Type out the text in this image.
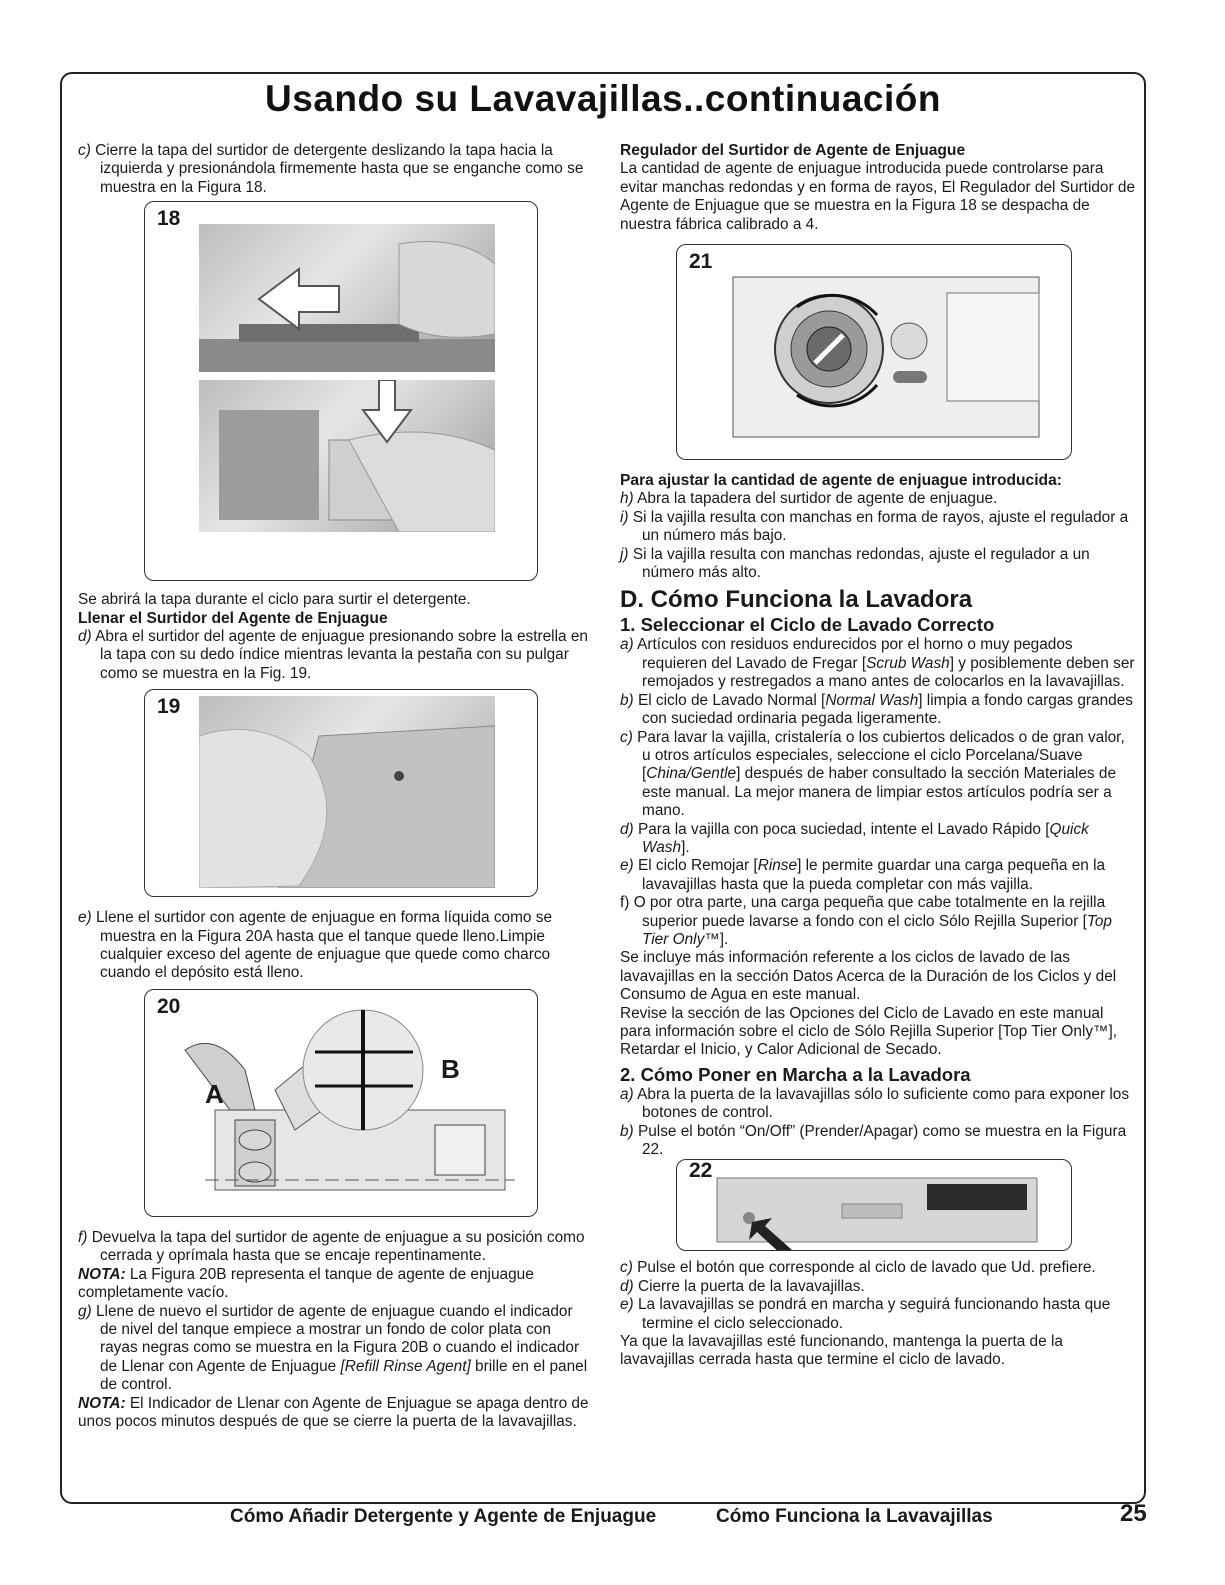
Usando su Lavavajillas..continuación

c) Cierre la tapa del surtidor de detergente deslizando la tapa hacia la izquierda y presionándola firmemente hasta que se enganche como se muestra en la Figura 18.

18

Se abrirá la tapa durante el ciclo para surtir el detergente.

Llenar el Surtidor del Agente de Enjuague

d) Abra el surtidor del agente de enjuague presionando sobre la estrella en la tapa con su dedo índice mientras levanta la pestaña con su pulgar como se muestra en la Fig. 19.

19

e) Llene el surtidor con agente de enjuague en forma líquida como se muestra en la Figura 20A hasta que el tanque quede lleno.Limpie cualquier exceso del agente de enjuague que quede como charco cuando el depósito está lleno.

20
A
B

f) Devuelva la tapa del surtidor de agente de enjuague a su posición como cerrada y oprímala hasta que se encaje repentinamente.

NOTA: La Figura 20B representa el tanque de agente de enjuague completamente vacío.

g) Llene de nuevo el surtidor de agente de enjuague cuando el indicador de nivel del tanque empiece a mostrar un fondo de color plata con rayas negras como se muestra en la Figura 20B o cuando el indicador de Llenar con Agente de Enjuague [Refill Rinse Agent] brille en el panel de control.

NOTA: El Indicador de Llenar con Agente de Enjuague se apaga dentro de unos pocos minutos después de que se cierre la puerta de la lavavajillas.

Regulador del Surtidor de Agente de Enjuague

La cantidad de agente de enjuague introducida puede controlarse para evitar manchas redondas y en forma de rayos, El Regulador del Surtidor de Agente de Enjuague que se muestra en la Figura 18 se despacha de nuestra fábrica calibrado a 4.

21

Para ajustar la cantidad de agente de enjuague introducida:

h) Abra la tapadera del surtidor de agente de enjuague.

i) Si la vajilla resulta con manchas en forma de rayos, ajuste el regulador a un número más bajo.

j) Si la vajilla resulta con manchas redondas, ajuste el regulador a un número más alto.

D. Cómo Funciona la Lavadora

1. Seleccionar el Ciclo de Lavado Correcto

a) Artículos con residuos endurecidos por el horno o muy pegados requieren del Lavado de Fregar [Scrub Wash] y posiblemente deben ser remojados y restregados a mano antes de colocarlos en la lavavajillas.

b) El ciclo de Lavado Normal [Normal Wash] limpia a fondo cargas grandes con suciedad ordinaria pegada ligeramente.

c) Para lavar la vajilla, cristalería o los cubiertos delicados o de gran valor, u otros artículos especiales, seleccione el ciclo Porcelana/Suave [China/Gentle] después de haber consultado la sección Materiales de este manual. La mejor manera de limpiar estos artículos podría ser a mano.

d) Para la vajilla con poca suciedad, intente el Lavado Rápido [Quick Wash].

e) El ciclo Remojar [Rinse] le permite guardar una carga pequeña en la lavavajillas hasta que la pueda completar con más vajilla.

f) O por otra parte, una carga pequeña que cabe totalmente en la rejilla superior puede lavarse a fondo con el ciclo Sólo Rejilla Superior [Top Tier Only™].

Se incluye más información referente a los ciclos de lavado de las lavavajillas en la sección Datos Acerca de la Duración de los Ciclos y del Consumo de Agua en este manual.

Revise la sección de las Opciones del Ciclo de Lavado en este manual para información sobre el ciclo de Sólo Rejilla Superior [Top Tier Only™], Retardar el Inicio, y Calor Adicional de Secado.

2. Cómo Poner en Marcha a la Lavadora

a) Abra la puerta de la lavavajillas sólo lo suficiente como para exponer los botones de control.

b) Pulse el botón “On/Off” (Prender/Apagar) como se muestra en la Figura 22.

22

c) Pulse el botón que corresponde al ciclo de lavado que Ud. prefiere.

d) Cierre la puerta de la lavavajillas.

e) La lavavajillas se pondrá en marcha y seguirá funcionando hasta que termine el ciclo seleccionado.

Ya que la lavavajillas esté funcionando, mantenga la puerta de la lavavajillas cerrada hasta que termine el ciclo de lavado.

Cómo Añadir Detergente y Agente de Enjuague	Cómo Funciona la Lavavajillas	25
